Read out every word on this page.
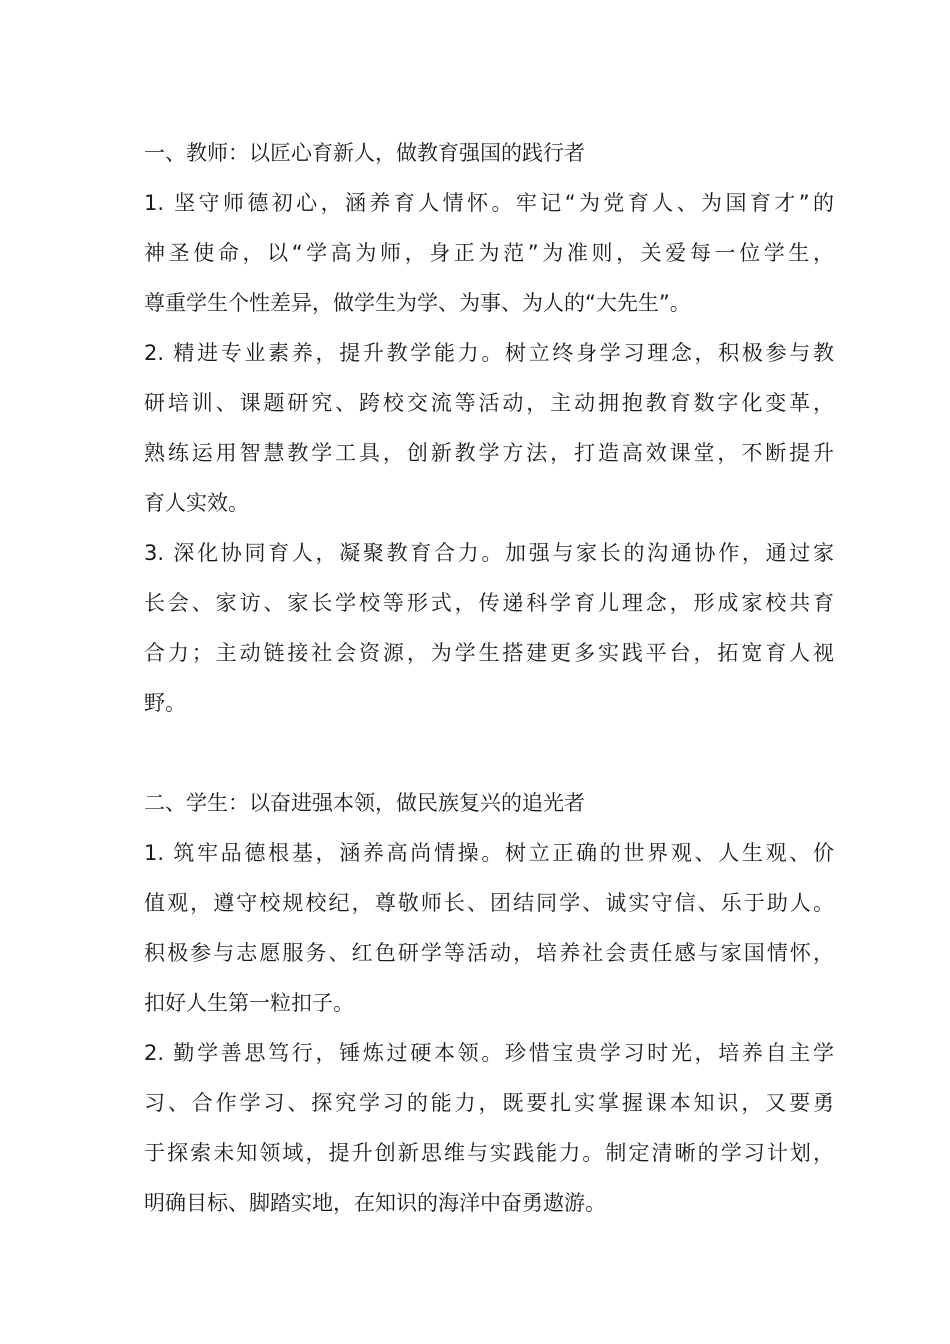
一、教师：以匠心育新人，做教育强国的践行者

1. 坚守师德初心，涵养育人情怀。牢记“为党育人、为国育才”的
神圣使命，以“学高为师，身正为范”为准则，关爱每一位学生，
尊重学生个性差异，做学生为学、为事、为人的“大先生”。

2. 精进专业素养，提升教学能力。树立终身学习理念，积极参与教
研培训、课题研究、跨校交流等活动，主动拥抱教育数字化变革，
熟练运用智慧教学工具，创新教学方法，打造高效课堂，不断提升
育人实效。

3. 深化协同育人，凝聚教育合力。加强与家长的沟通协作，通过家
长会、家访、家长学校等形式，传递科学育儿理念，形成家校共育
合力；主动链接社会资源，为学生搭建更多实践平台，拓宽育人视
野。

二、学生：以奋进强本领，做民族复兴的追光者

1. 筑牢品德根基，涵养高尚情操。树立正确的世界观、人生观、价
值观，遵守校规校纪，尊敬师长、团结同学、诚实守信、乐于助人。
积极参与志愿服务、红色研学等活动，培养社会责任感与家国情怀，
扣好人生第一粒扣子。

2. 勤学善思笃行，锤炼过硬本领。珍惜宝贵学习时光，培养自主学
习、合作学习、探究学习的能力，既要扎实掌握课本知识，又要勇
于探索未知领域，提升创新思维与实践能力。制定清晰的学习计划，
明确目标、脚踏实地，在知识的海洋中奋勇遨游。
